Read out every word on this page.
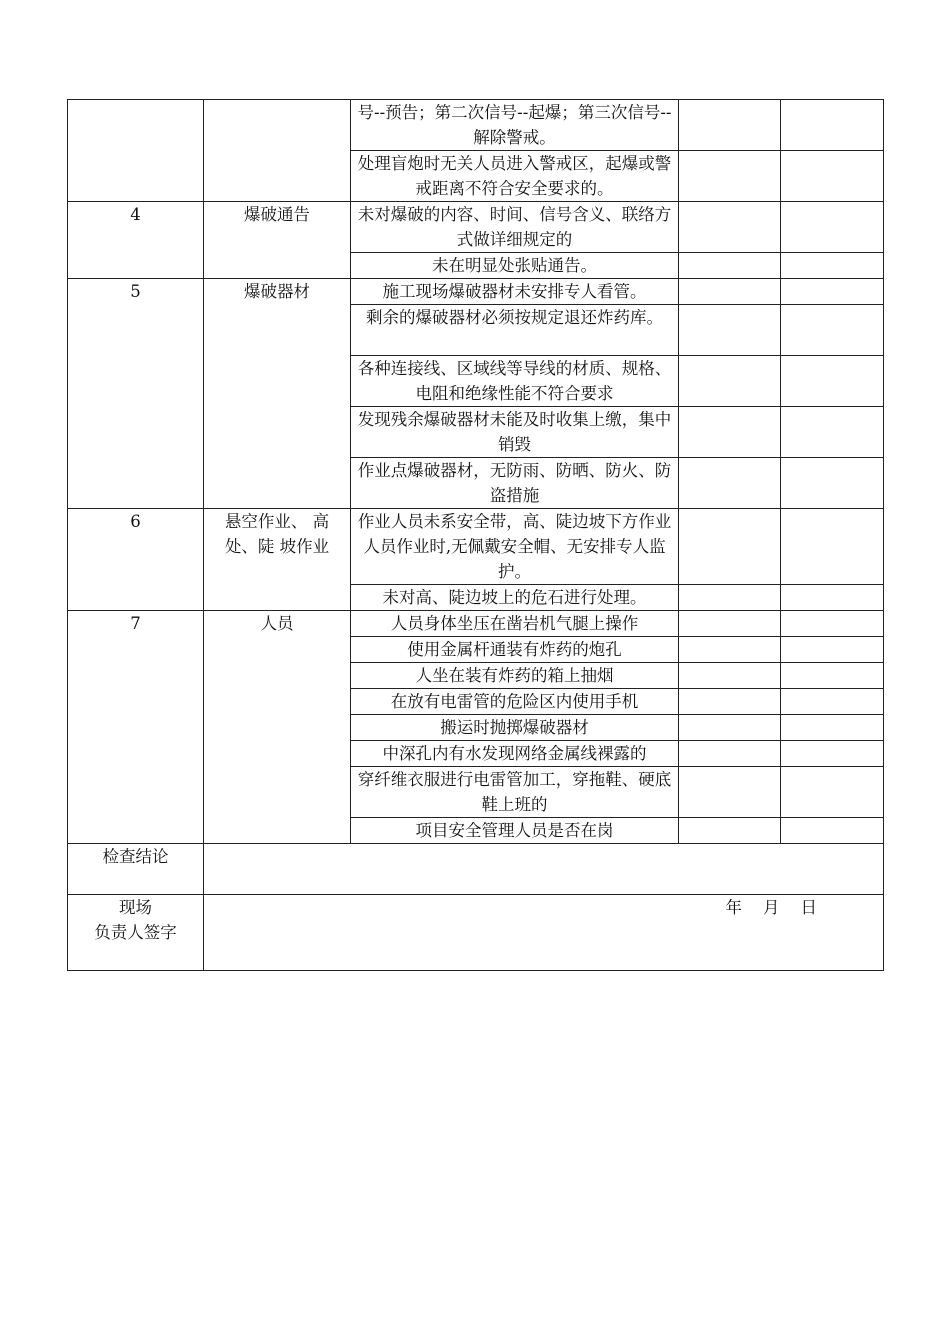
		号--预告；第二次信号--起爆；第三次信号--解除警戒。		
		处理盲炮时无关人员进入警戒区，起爆或警戒距离不符合安全要求的。		
4	爆破通告	未对爆破的内容、时间、信号含义、联络方式做详细规定的		
		未在明显处张贴通告。		
5	爆破器材	施工现场爆破器材未安排专人看管。		
		剩余的爆破器材必须按规定退还炸药库。		
		各种连接线、区域线等导线的材质、规格、电阻和绝缘性能不符合要求		
		发现残余爆破器材未能及时收集上缴，集中销毁		
		作业点爆破器材，无防雨、防晒、防火、防盗措施		
6	悬空作业、 高处、陡 坡作业	作业人员未系安全带，高、陡边坡下方作业人员作业时,无佩戴安全帽、无安排专人监护。		
		未对高、陡边坡上的危石进行处理。		
7	人员	人员身体坐压在凿岩机气腿上操作		
		使用金属杆通装有炸药的炮孔		
		人坐在装有炸药的箱上抽烟		
		在放有电雷管的危险区内使用手机		
		搬运时抛掷爆破器材		
		中深孔内有水发现网络金属线裸露的		
		穿纤维衣服进行电雷管加工，穿拖鞋、硬底鞋上班的		
		项目安全管理人员是否在岗		
检查结论				

现场
负责人签字	年    月    日			
